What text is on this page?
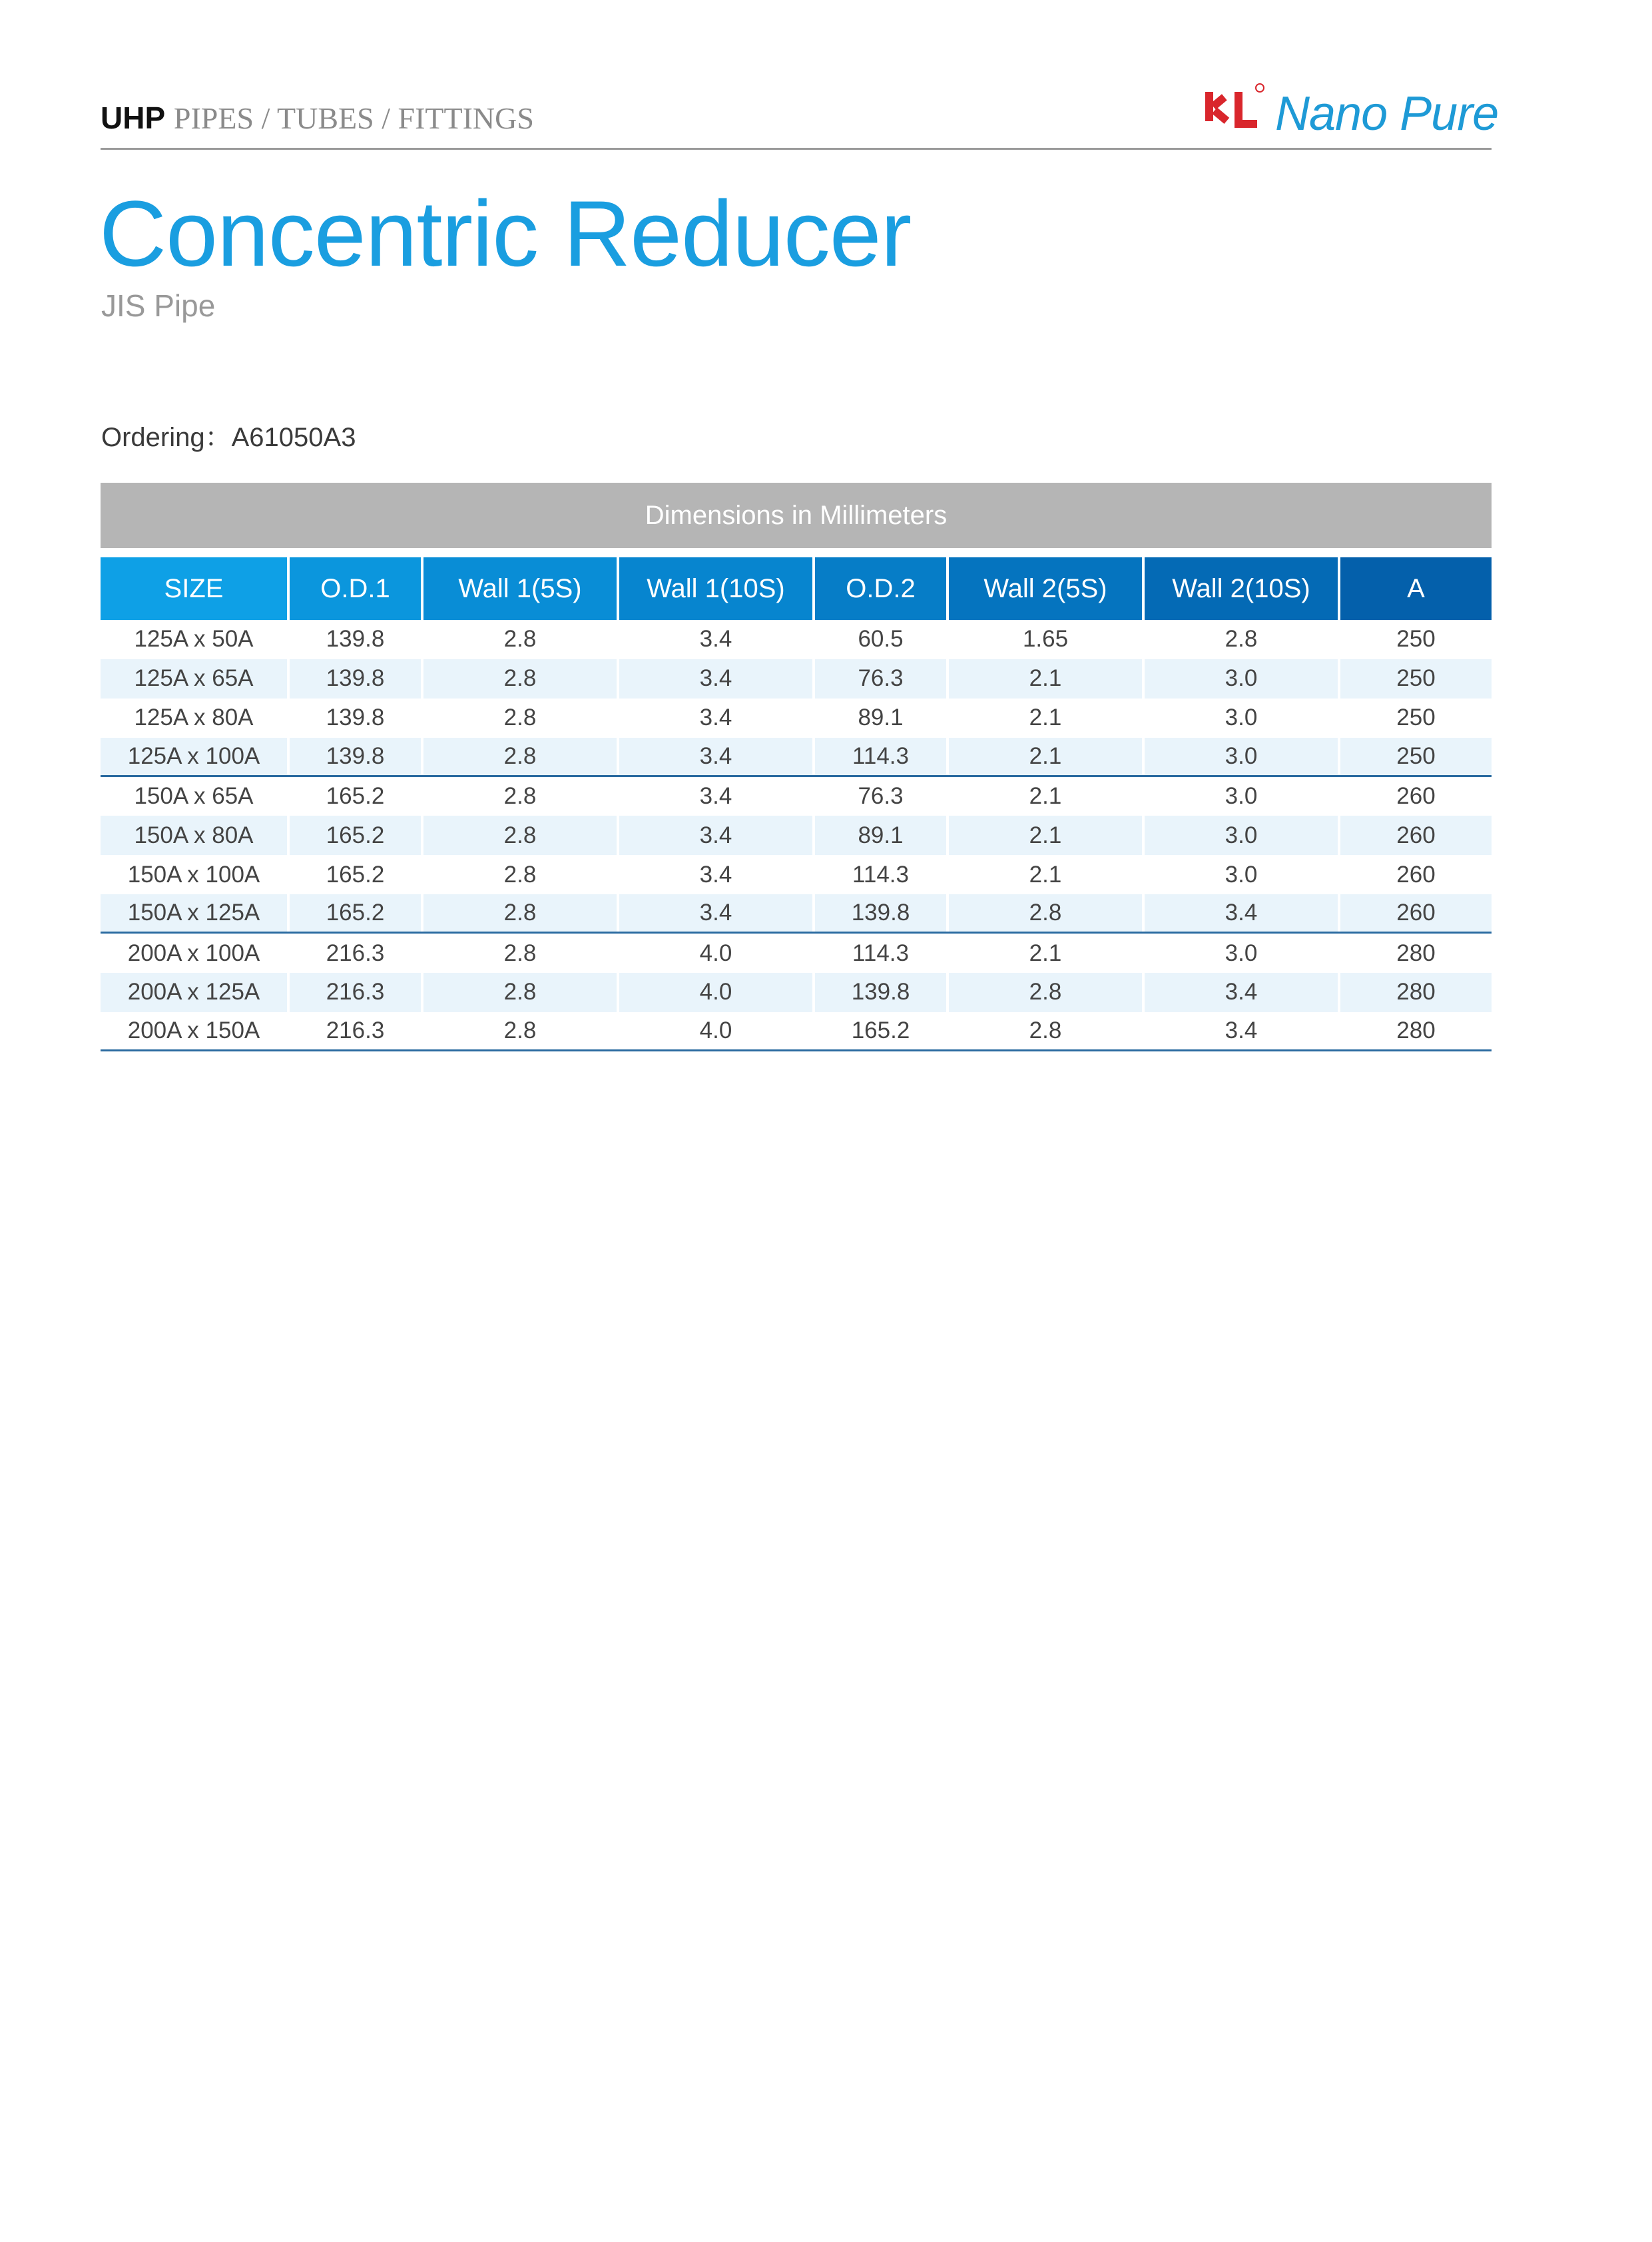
UHP PIPES / TUBES / FITTINGS	Nano Pure
Concentric Reducer
JIS Pipe
Ordering：A61050A3
Dimensions in Millimeters
SIZE	O.D.1	Wall 1(5S)	Wall 1(10S)	O.D.2	Wall 2(5S)	Wall 2(10S)	A
125A x 50A	139.8	2.8	3.4	60.5	1.65	2.8	250
125A x 65A	139.8	2.8	3.4	76.3	2.1	3.0	250
125A x 80A	139.8	2.8	3.4	89.1	2.1	3.0	250
125A x 100A	139.8	2.8	3.4	114.3	2.1	3.0	250
150A x 65A	165.2	2.8	3.4	76.3	2.1	3.0	260
150A x 80A	165.2	2.8	3.4	89.1	2.1	3.0	260
150A x 100A	165.2	2.8	3.4	114.3	2.1	3.0	260
150A x 125A	165.2	2.8	3.4	139.8	2.8	3.4	260
200A x 100A	216.3	2.8	4.0	114.3	2.1	3.0	280
200A x 125A	216.3	2.8	4.0	139.8	2.8	3.4	280
200A x 150A	216.3	2.8	4.0	165.2	2.8	3.4	280
